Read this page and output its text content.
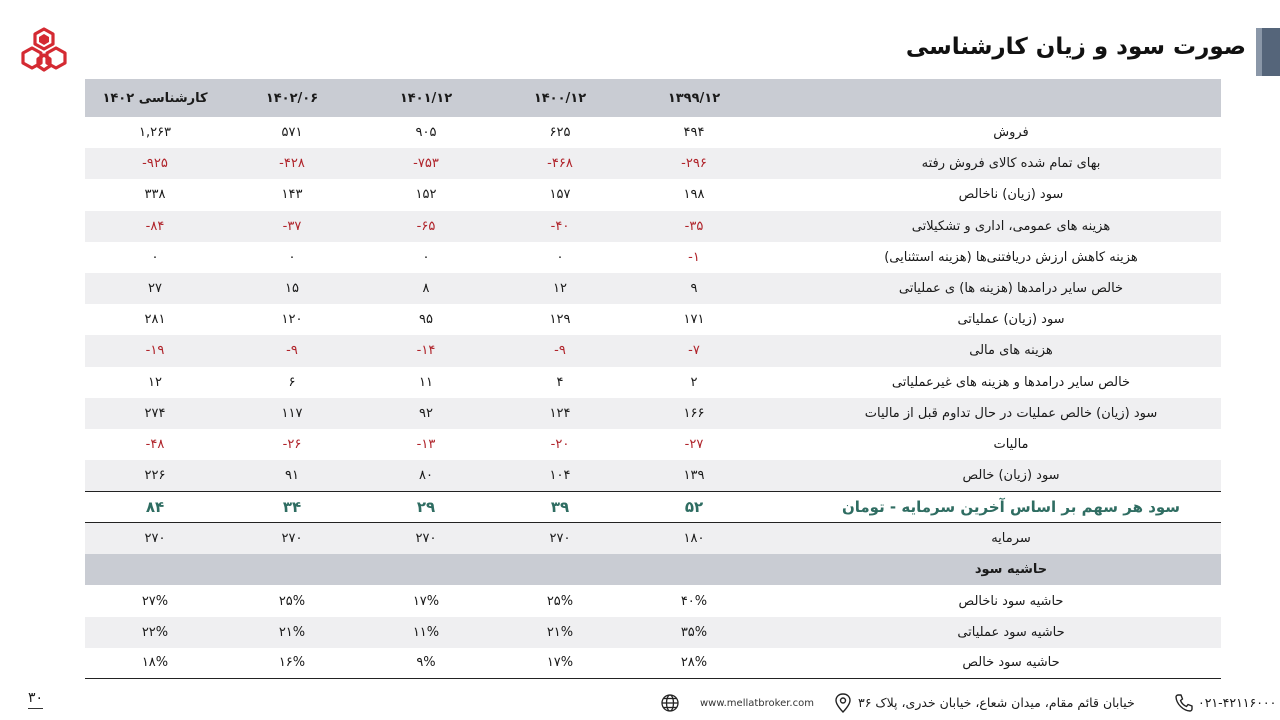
صورت سود و زیان کارشناسی
کارشناسی ۱۴۰۲	۱۴۰۲/۰۶	۱۴۰۱/۱۲	۱۴۰۰/۱۲	۱۳۹۹/۱۲
۱,۲۶۳	۵۷۱	۹۰۵	۶۲۵	۴۹۴	فروش
-۹۲۵	-۴۲۸	-۷۵۳	-۴۶۸	-۲۹۶	بهای تمام شده کالای فروش رفته
۳۳۸	۱۴۳	۱۵۲	۱۵۷	۱۹۸	سود (زیان) ناخالص
-۸۴	-۳۷	-۶۵	-۴۰	-۳۵	هزینه های عمومی، اداری و تشکیلاتی
۰	۰	۰	۰	-۱	هزینه کاهش ارزش دریافتنی‌ها (هزینه استثنایی)
۲۷	۱۵	۸	۱۲	۹	خالص سایر درامدها (هزینه ها) ی عملیاتی
۲۸۱	۱۲۰	۹۵	۱۲۹	۱۷۱	سود (زیان) عملیاتی
-۱۹	-۹	-۱۴	-۹	-۷	هزینه های مالی
۱۲	۶	۱۱	۴	۲	خالص سایر درامدها و هزینه های غیرعملیاتی
۲۷۴	۱۱۷	۹۲	۱۲۴	۱۶۶	سود (زیان) خالص عملیات در حال تداوم قبل از مالیات
-۴۸	-۲۶	-۱۳	-۲۰	-۲۷	مالیات
۲۲۶	۹۱	۸۰	۱۰۴	۱۳۹	سود (زیان) خالص
۸۴	۳۴	۲۹	۳۹	۵۲	سود هر سهم بر اساس آخرین سرمایه - تومان
۲۷۰	۲۷۰	۲۷۰	۲۷۰	۱۸۰	سرمایه
حاشیه سود
۲۷%	۲۵%	۱۷%	۲۵%	۴۰%	حاشیه سود ناخالص
۲۲%	۲۱%	۱۱%	۲۱%	۳۵%	حاشیه سود عملیاتی
۱۸%	۱۶%	۹%	۱۷%	۲۸%	حاشیه سود خالص
۳۰	www.mellatbroker.com	خیابان قائم مقام، میدان شعاع، خیابان خدری، پلاک ۳۶	۰۲۱-۴۲۱۱۶۰۰۰
